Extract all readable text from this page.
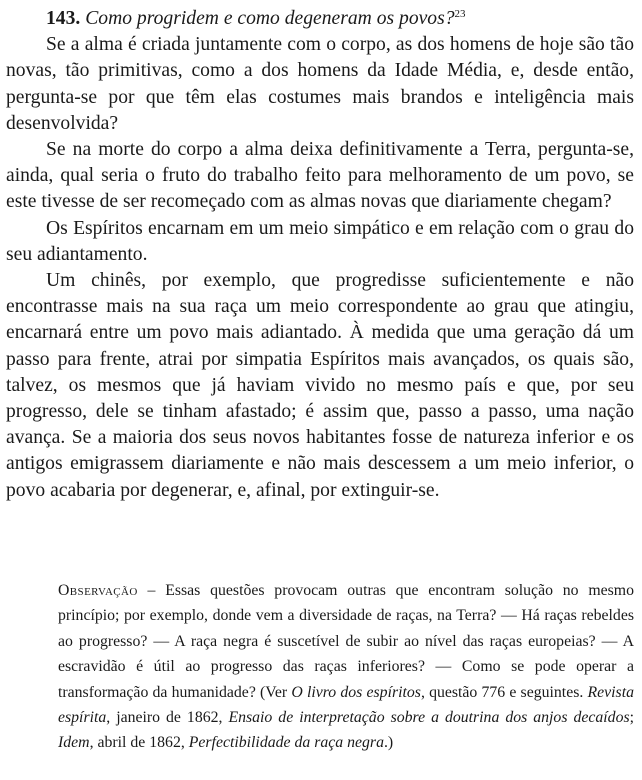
143. Como progridem e como degeneram os povos?$^{23}$

Se a alma é criada juntamente com o corpo, as dos homens de hoje são tão novas, tão primitivas, como a dos homens da Idade Média, e, desde então, pergunta-se por que têm elas costumes mais brandos e inteligência mais desenvolvida?

Se na morte do corpo a alma deixa definitivamente a Terra, pergunta-se, ainda, qual seria o fruto do trabalho feito para melhoramento de um povo, se este tivesse de ser recomeçado com as almas novas que diariamente chegam?

Os Espíritos encarnam em um meio simpático e em relação com o grau do seu adiantamento.

Um chinês, por exemplo, que progredisse suficientemente e não encontrasse mais na sua raça um meio correspondente ao grau que atingiu, encarnará entre um povo mais adiantado. À medida que uma geração dá um passo para frente, atrai por simpatia Espíritos mais avançados, os quais são, talvez, os mesmos que já haviam vivido no mesmo país e que, por seu progresso, dele se tinham afastado; é assim que, passo a passo, uma nação avança. Se a maioria dos seus novos habitantes fosse de natureza inferior e os antigos emigrassem diariamente e não mais descessem a um meio inferior, o povo acabaria por degenerar, e, afinal, por extinguir-se.

Observação – Essas questões provocam outras que encontram solução no mesmo princípio; por exemplo, donde vem a diversidade de raças, na Terra? — Há raças rebeldes ao progresso? — A raça negra é suscetível de subir ao nível das raças europeias? — A escravidão é útil ao progresso das raças inferiores? — Como se pode operar a transformação da humanidade? (Ver O livro dos espíritos, questão 776 e seguintes. Revista espírita, janeiro de 1862, Ensaio de interpretação sobre a doutrina dos anjos decaídos; Idem, abril de 1862, Perfectibilidade da raça negra.)
